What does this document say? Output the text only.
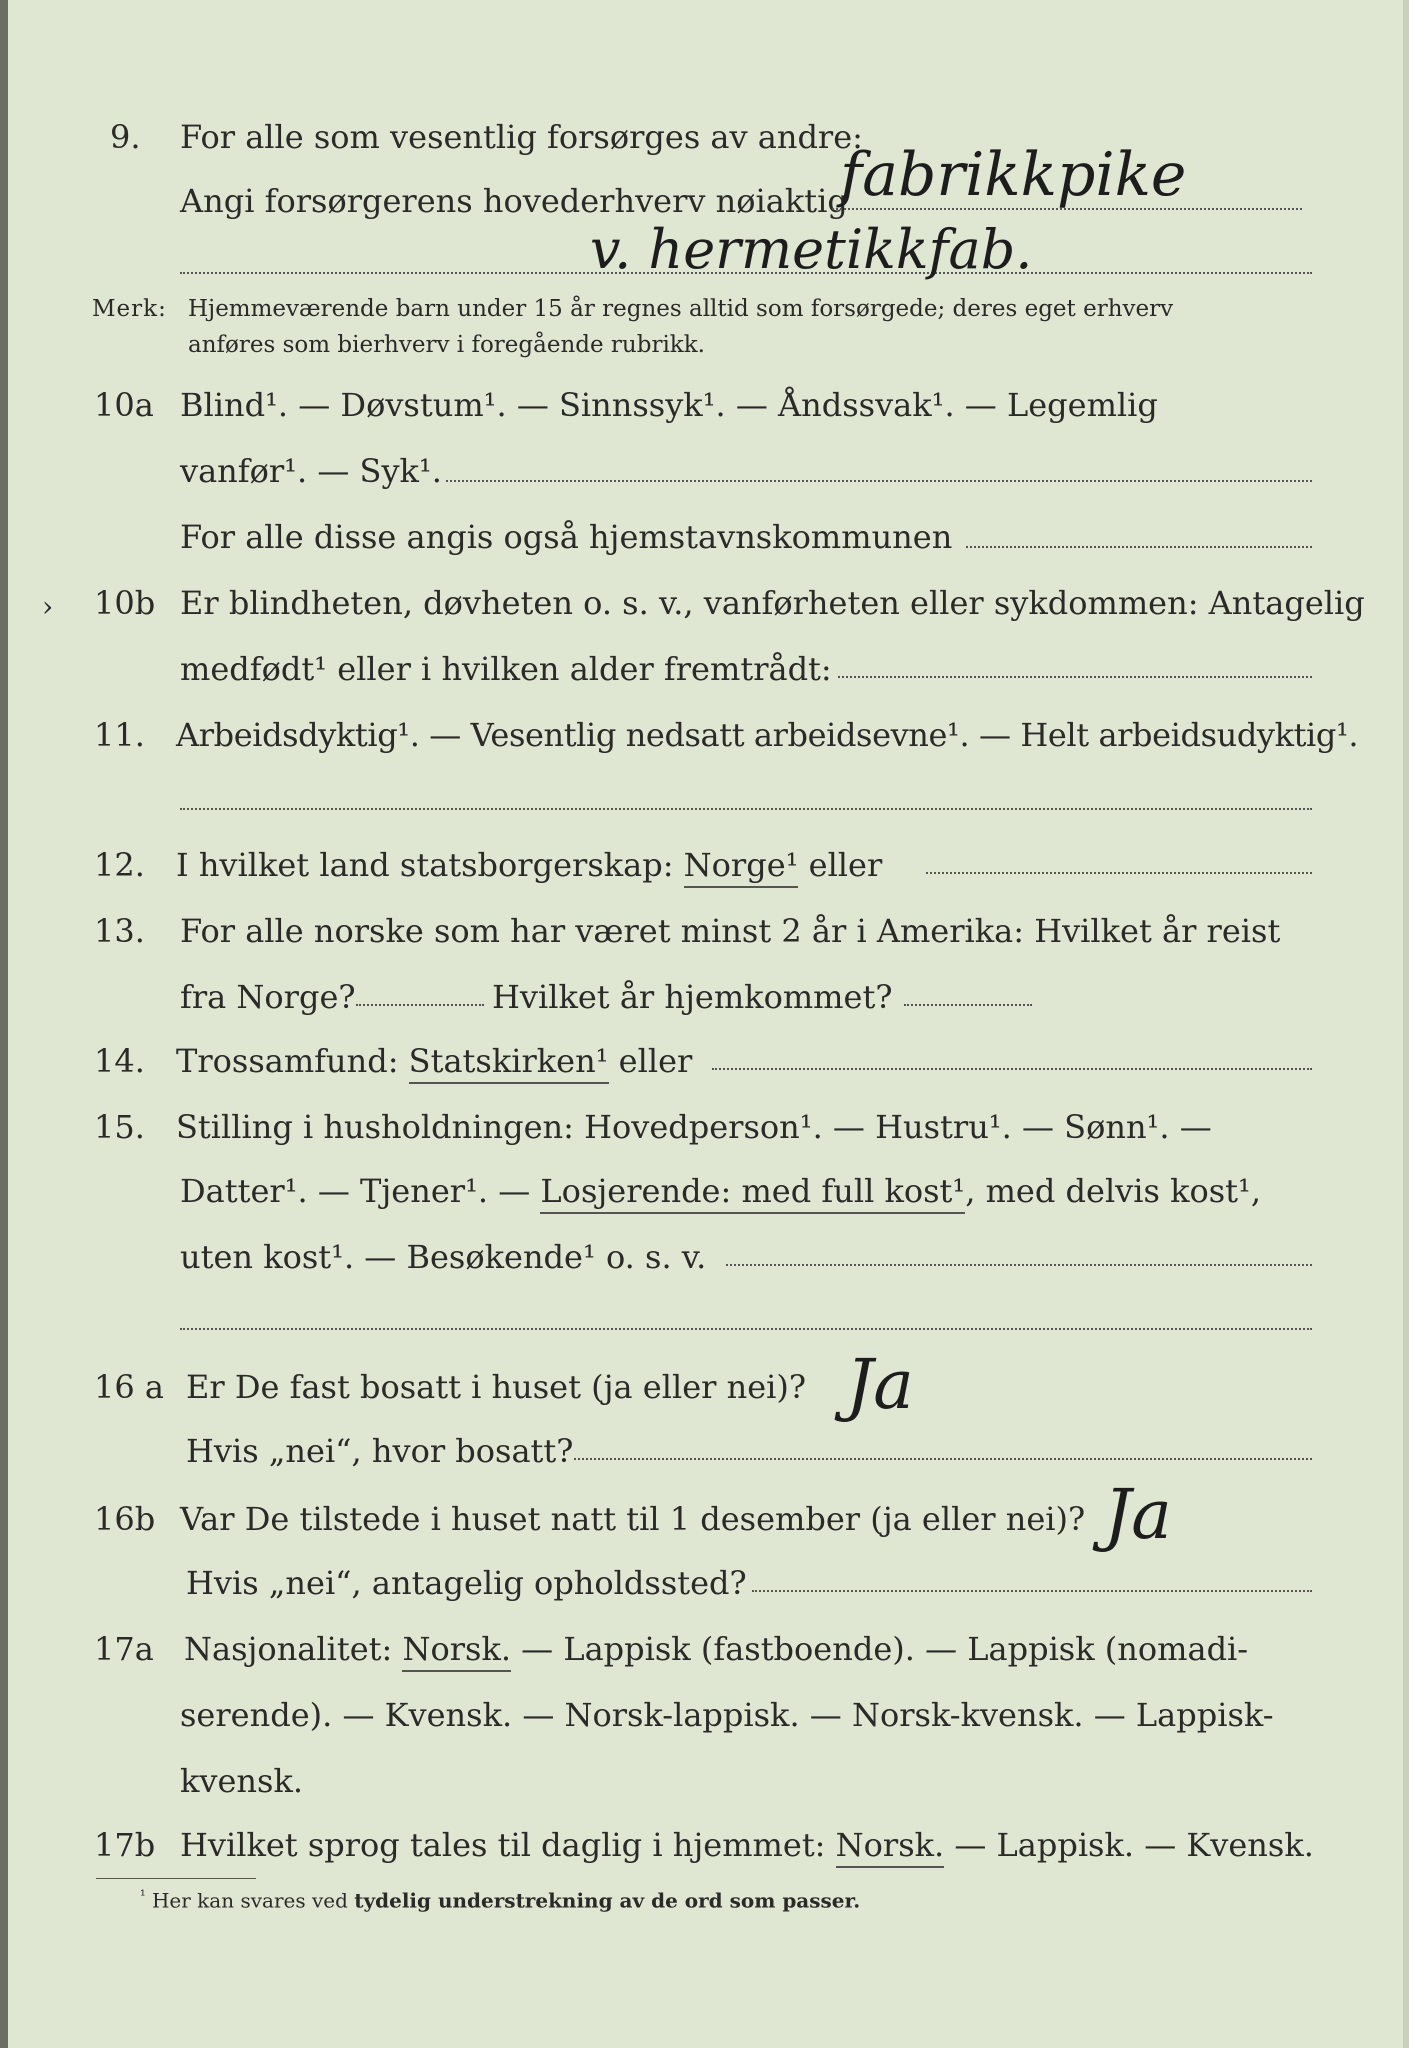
9. For alle som vesentlig forsørges av andre:
Angi forsørgerens hovederhverv nøiaktig
fabrikkpike
v. hermetikkfab.
Merk: Hjemmeværende barn under 15 år regnes alltid som forsørgede; deres eget erhverv
anføres som bierhverv i foregående rubrikk.
10a Blind¹. — Døvstum¹. — Sinnssyk¹. — Åndssvak¹. — Legemlig
vanfør¹. — Syk¹.
For alle disse angis også hjemstavnskommunen
› 10b Er blindheten, døvheten o. s. v., vanførheten eller sykdommen: Antagelig
medfødt¹ eller i hvilken alder fremtrådt:
11. Arbeidsdyktig¹. — Vesentlig nedsatt arbeidsevne¹. — Helt arbeidsudyktig¹.
12. I hvilket land statsborgerskap: Norge¹ eller
13. For alle norske som har været minst 2 år i Amerika: Hvilket år reist
fra Norge?	Hvilket år hjemkommet?
14. Trossamfund: Statskirken¹ eller
15. Stilling i husholdningen: Hovedperson¹. — Hustru¹. — Sønn¹. —
Datter¹. — Tjener¹. — Losjerende: med full kost¹, med delvis kost¹,
uten kost¹. — Besøkende¹ o. s. v.
16 a Er De fast bosatt i huset (ja eller nei)? Ja
Hvis „nei“, hvor bosatt?
16b Var De tilstede i huset natt til 1 desember (ja eller nei)? Ja
Hvis „nei“, antagelig opholdssted?
17a Nasjonalitet: Norsk. — Lappisk (fastboende). — Lappisk (nomadi-
serende). — Kvensk. — Norsk-lappisk. — Norsk-kvensk. — Lappisk-
kvensk.
17b Hvilket sprog tales til daglig i hjemmet: Norsk. — Lappisk. — Kvensk.
$^{^1}$ Her kan svares ved tydelig understrekning av de ord som passer.
